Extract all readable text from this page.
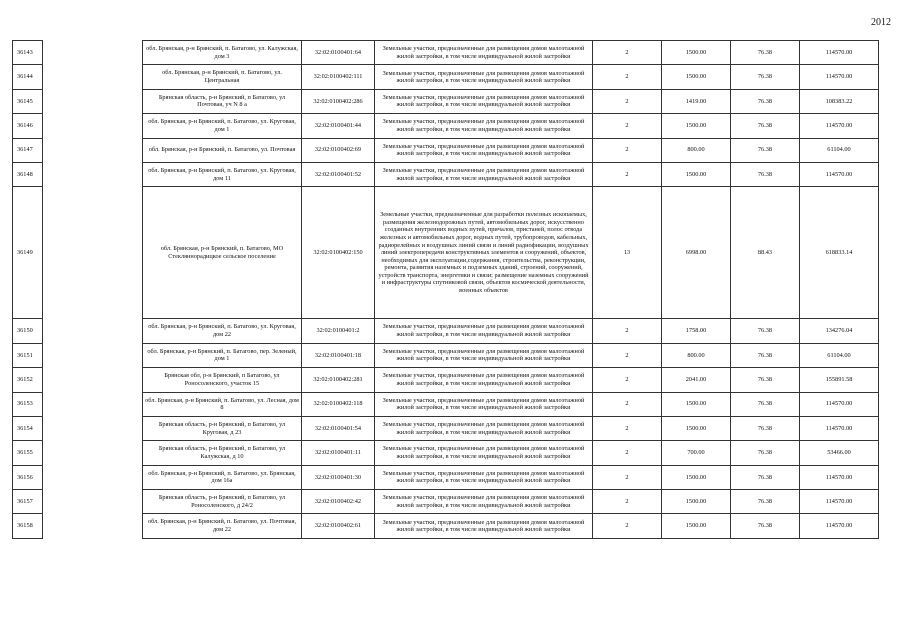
2012
36143		обл. Брянская, р-н Брянский, п. Батагово, ул. Калужская, дом 3	32:02:0100401:64	Земельные участки, предназначенные для размещения домов малоэтажной жилой застройки, в том числе индивидуальной жилой застройки	2	1500.00	76.38	114570.00
36144		обл. Брянская, р-н Брянский, п. Батагово, ул. Центральная	32:02:0100402:111	Земельные участки, предназначенные для размещения домов малоэтажной жилой застройки, в том числе индивидуальной жилой застройки	2	1500.00	76.38	114570.00
36145		Брянская область, р-н Брянский, п Батагово, ул Почтовая, уч N 8 а	32:02:0100402:286	Земельные участки, предназначенные для размещения домов малоэтажной жилой застройки, в том числе индивидуальной жилой застройки	2	1419.00	76.38	108383.22
36146		обл. Брянская, р-н Брянский, п. Батагово, ул. Круговая, дом 1	32:02:0100401:44	Земельные участки, предназначенные для размещения домов малоэтажной жилой застройки, в том числе индивидуальной жилой застройки	2	1500.00	76.38	114570.00
36147		обл. Брянская, р-н Брянский, п. Батагово, ул. Почтовая	32:02:0100402:69	Земельные участки, предназначенные для размещения домов малоэтажной жилой застройки, в том числе индивидуальной жилой застройки	2	800.00	76.38	61104.00
36148		обл. Брянская, р-н Брянский, п. Батагово, ул. Круговая, дом 11	32:02:0100401:52	Земельные участки, предназначенные для размещения домов малоэтажной жилой застройки, в том числе индивидуальной жилой застройки	2	1500.00	76.38	114570.00
36149		обл. Брянская, р-н Брянский, п. Батагово, МО Стекляннорадицкое сельское поселение	32:02:0100402:150	Земельные участки, предназначенные для разработки полезных ископаемых, размещения железнодорожных путей, автомобильных дорог, искусственно созданных внутренних водных путей, причалов, пристаней, полос отвода железных и автомобильных дорог, водных путей, трубопроводов, кабельных, радиорелейных и воздушных линий связи и линий радиофикации, воздушных линий электропередачи конструктивных элементов и сооружений, объектов, необходимых для эксплуатации,содержания, строительства, реконструкции, ремонта, развития наземных и подземных зданий, строений, сооружений, устройств транспорта, энергетики и связи; размещение наземных сооружений и инфраструктуры спутниковой связи, объектов космической деятельности, военных объектов	13	6998.00	88.43	618833.14
36150		обл. Брянская, р-н Брянский, п. Батагово, ул. Круговая, дом 22	32:02:0100401:2	Земельные участки, предназначенные для размещения домов малоэтажной жилой застройки, в том числе индивидуальной жилой застройки	2	1758.00	76.38	134276.04
36151		обл. Брянская, р-н Брянский, п. Батагово, пер. Зеленый, дом 1	32:02:0100401:18	Земельные участки, предназначенные для размещения домов малоэтажной жилой застройки, в том числе индивидуальной жилой застройки	2	800.00	76.38	61104.00
36152		Брянская обл, р-н Брянский, п Батагово, ул Роносоленского, участок 15	32:02:0100402:281	Земельные участки, предназначенные для размещения домов малоэтажной жилой застройки, в том числе индивидуальной жилой застройки	2	2041.00	76.38	155891.58
36153		обл. Брянская, р-н Брянский, п. Батагово, ул. Лесная, дом 8	32:02:0100402:118	Земельные участки, предназначенные для размещения домов малоэтажной жилой застройки, в том числе индивидуальной жилой застройки	2	1500.00	76.38	114570.00
36154		Брянская область, р-н Брянский, п Батагово, ул Круговая, д 23	32:02:0100401:54	Земельные участки, предназначенные для размещения домов малоэтажной жилой застройки, в том числе индивидуальной жилой застройки	2	1500.00	76.38	114570.00
36155		Брянская область, р-н Брянский, п Батагово, ул Калужская, д 10	32:02:0100401:11	Земельные участки, предназначенные для размещения домов малоэтажной жилой застройки, в том числе индивидуальной жилой застройки	2	700.00	76.38	53466.00
36156		обл. Брянская, р-н Брянский, п. Батагово, ул. Брянская, дом 16а	32:02:0100401:30	Земельные участки, предназначенные для размещения домов малоэтажной жилой застройки, в том числе индивидуальной жилой застройки	2	1500.00	76.38	114570.00
36157		Брянская область, р-н Брянский, п Батагово, ул Роносоленского, д 24/2	32:02:0100402:42	Земельные участки, предназначенные для размещения домов малоэтажной жилой застройки, в том числе индивидуальной жилой застройки	2	1500.00	76.38	114570.00
36158		обл. Брянская, р-н Брянский, п. Батагово, ул. Почтовая, дом 22	32:02:0100402:61	Земельные участки, предназначенные для размещения домов малоэтажной жилой застройки, в том числе индивидуальной жилой застройки	2	1500.00	76.38	114570.00
